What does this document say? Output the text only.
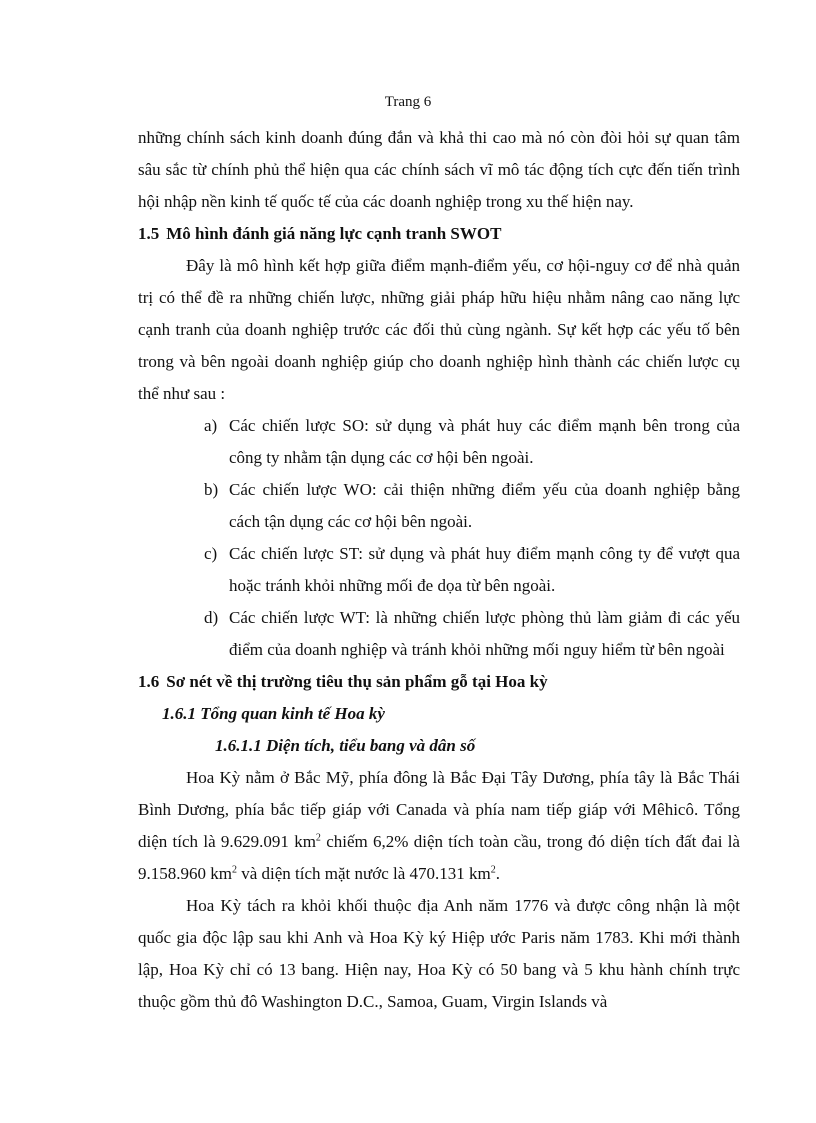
Trang 6

những chính sách kinh doanh đúng đắn và khả thi cao mà nó còn đòi hỏi sự quan tâm sâu sắc từ chính phủ thể hiện qua các chính sách vĩ mô tác động tích cực đến tiến trình hội nhập nền kinh tế quốc tế của các doanh nghiệp trong xu thế hiện nay.

1.5 Mô hình đánh giá năng lực cạnh tranh SWOT

Đây là mô hình kết hợp giữa điểm mạnh-điểm yếu, cơ hội-nguy cơ để nhà quản trị có thể đề ra những chiến lược, những giải pháp hữu hiệu nhằm nâng cao năng lực cạnh tranh của doanh nghiệp trước các đối thủ cùng ngành. Sự kết hợp các yếu tố bên trong và bên ngoài doanh nghiệp giúp cho doanh nghiệp hình thành các chiến lược cụ thể như sau :

a) Các chiến lược SO: sử dụng và phát huy các điểm mạnh bên trong của công ty nhằm tận dụng các cơ hội bên ngoài.
b) Các chiến lược WO: cải thiện những điểm yếu của doanh nghiệp bằng cách tận dụng các cơ hội bên ngoài.
c) Các chiến lược ST: sử dụng và phát huy điểm mạnh công ty để vượt qua hoặc tránh khỏi những mối đe dọa từ bên ngoài.
d) Các chiến lược WT: là những chiến lược phòng thủ làm giảm đi các yếu điểm của doanh nghiệp và tránh khỏi những mối nguy hiểm từ bên ngoài

1.6 Sơ nét về thị trường tiêu thụ sản phẩm gỗ tại Hoa kỳ

1.6.1 Tổng quan kinh tế Hoa kỳ

1.6.1.1 Diện tích, tiểu bang và dân số

Hoa Kỳ nằm ở Bắc Mỹ, phía đông là Bắc Đại Tây Dương, phía tây là Bắc Thái Bình Dương, phía bắc tiếp giáp với Canada và phía nam tiếp giáp với Mêhicô. Tổng diện tích là 9.629.091 $km^2$ chiếm 6,2% diện tích toàn cầu, trong đó diện tích đất đai là 9.158.960 $km^2$ và diện tích mặt nước là 470.131 $km^2$.

Hoa Kỳ tách ra khỏi khối thuộc địa Anh năm 1776 và được công nhận là một quốc gia độc lập sau khi Anh và Hoa Kỳ ký Hiệp ước Paris năm 1783. Khi mới thành lập, Hoa Kỳ chỉ có 13 bang. Hiện nay, Hoa Kỳ có 50 bang và 5 khu hành chính trực thuộc gồm thủ đô Washington D.C., Samoa, Guam, Virgin Islands và
